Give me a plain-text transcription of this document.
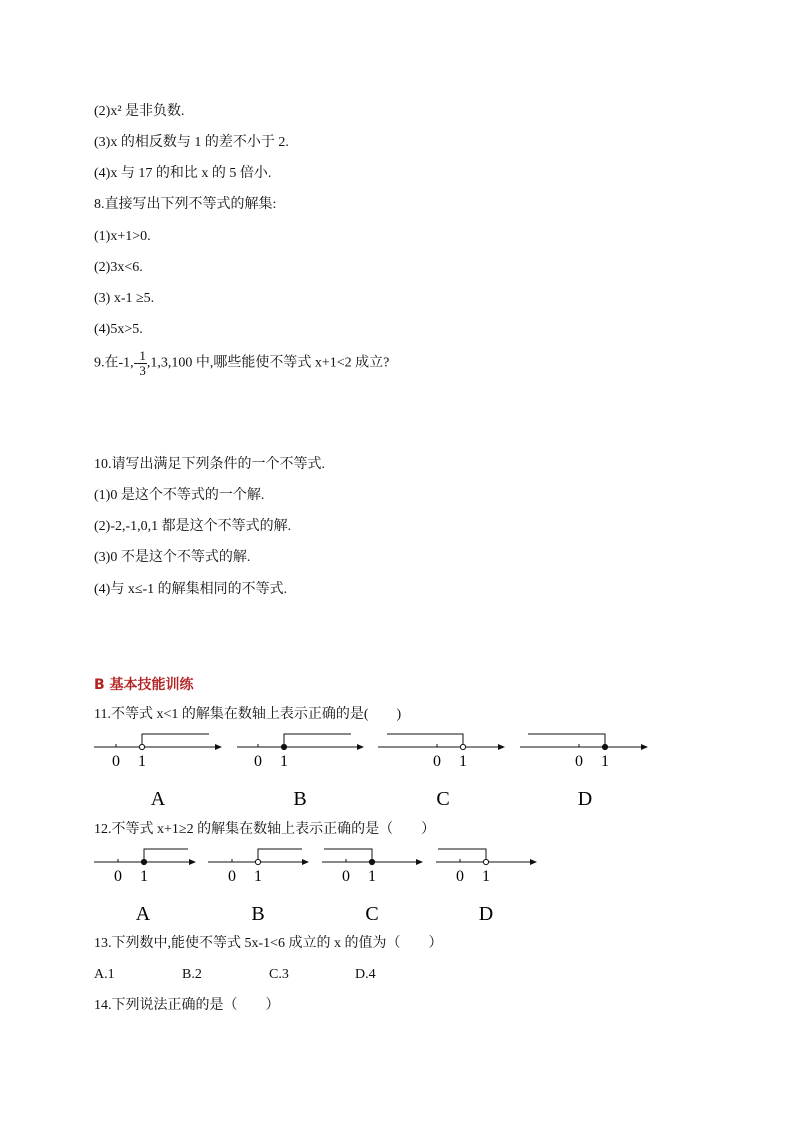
(2)x² 是非负数.
(3)x 的相反数与 1 的差不小于 2.
(4)x 与 17 的和比 x 的 5 倍小.
8.直接写出下列不等式的解集:
(1)x+1>0.
(2)3x<6.
(3) x-1 ≥5.
(4)5x>5.
9.在$-1,- \frac{1}{3} ,1,3,100$ 中,哪些能使不等式 x+1<2 成立?
10.请写出满足下列条件的一个不等式.
(1)0 是这个不等式的一个解.
(2)-2,-1,0,1 都是这个不等式的解.
(3)0 不是这个不等式的解.
(4)与 x≤-1 的解集相同的不等式.
B 基本技能训练
11.不等式 x<1 的解集在数轴上表示正确的是(　　)
0 1
A
0 1
B
0 1
C
0 1
D
12.不等式 x+1≥2 的解集在数轴上表示正确的是（　　）
0 1
A
0 1
B
0 1
C
0 1
D
13.下列数中,能使不等式 5x-1<6 成立的 x 的值为（　　）
A.1	B.2	C.3	D.4
14.下列说法正确的是（　　）
